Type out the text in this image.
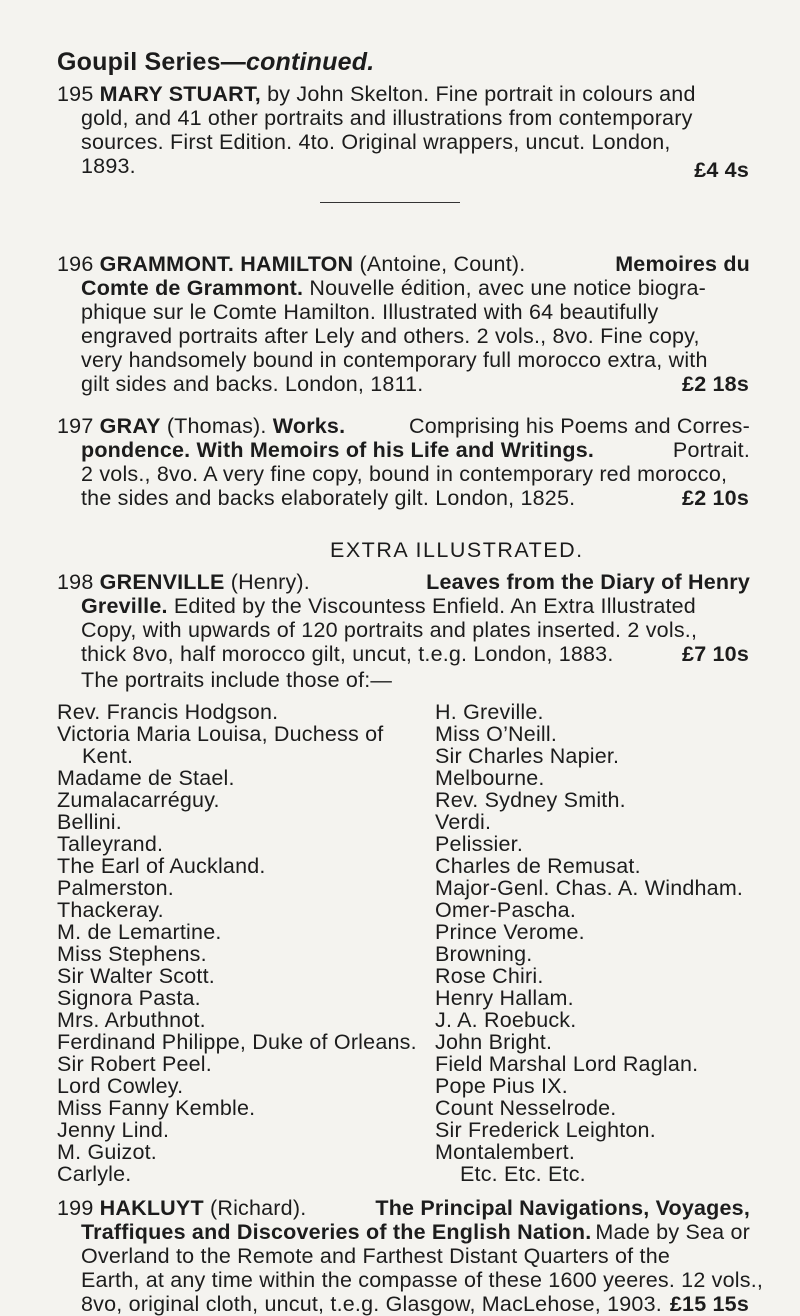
Goupil Series—continued.
195 MARY STUART, by John Skelton. Fine portrait in colours and
gold, and 41 other portraits and illustrations from contemporary
sources. First Edition. 4to. Original wrappers, uncut. London,
1893.	£4 4s
196 GRAMMONT. HAMILTON (Antoine, Count).	Memoires du
Comte de Grammont. Nouvelle édition, avec une notice biogra-
phique sur le Comte Hamilton. Illustrated with 64 beautifully
engraved portraits after Lely and others. 2 vols., 8vo. Fine copy,
very handsomely bound in contemporary full morocco extra, with
gilt sides and backs. London, 1811.	£2 18s
197 GRAY (Thomas). Works.	Comprising his Poems and Corres-
pondence. With Memoirs of his Life and Writings.	Portrait.
2 vols., 8vo. A very fine copy, bound in contemporary red morocco,
the sides and backs elaborately gilt. London, 1825.	£2 10s
EXTRA ILLUSTRATED.
198 GRENVILLE (Henry).	Leaves from the Diary of Henry
Greville. Edited by the Viscountess Enfield. An Extra Illustrated
Copy, with upwards of 120 portraits and plates inserted. 2 vols.,
thick 8vo, half morocco gilt, uncut, t.e.g. London, 1883.	£7 10s
The portraits include those of:—
Rev. Francis Hodgson.
Victoria Maria Louisa, Duchess of
Kent.
Madame de Stael.
Zumalacarréguy.
Bellini.
Talleyrand.
The Earl of Auckland.
Palmerston.
Thackeray.
M. de Lemartine.
Miss Stephens.
Sir Walter Scott.
Signora Pasta.
Mrs. Arbuthnot.
Ferdinand Philippe, Duke of Orleans.
Sir Robert Peel.
Lord Cowley.
Miss Fanny Kemble.
Jenny Lind.
M. Guizot.
Carlyle.
H. Greville.
Miss O’Neill.
Sir Charles Napier.
Melbourne.
Rev. Sydney Smith.
Verdi.
Pelissier.
Charles de Remusat.
Major-Genl. Chas. A. Windham.
Omer-Pascha.
Prince Verome.
Browning.
Rose Chiri.
Henry Hallam.
J. A. Roebuck.
John Bright.
Field Marshal Lord Raglan.
Pope Pius IX.
Count Nesselrode.
Sir Frederick Leighton.
Montalembert.
Etc. Etc. Etc.
199 HAKLUYT (Richard).	The Principal Navigations, Voyages,
Traffiques and Discoveries of the English Nation. Made by Sea or
Overland to the Remote and Farthest Distant Quarters of the
Earth, at any time within the compasse of these 1600 yeeres. 12 vols.,
8vo, original cloth, uncut, t.e.g. Glasgow, MacLehose, 1903. £15 15s
